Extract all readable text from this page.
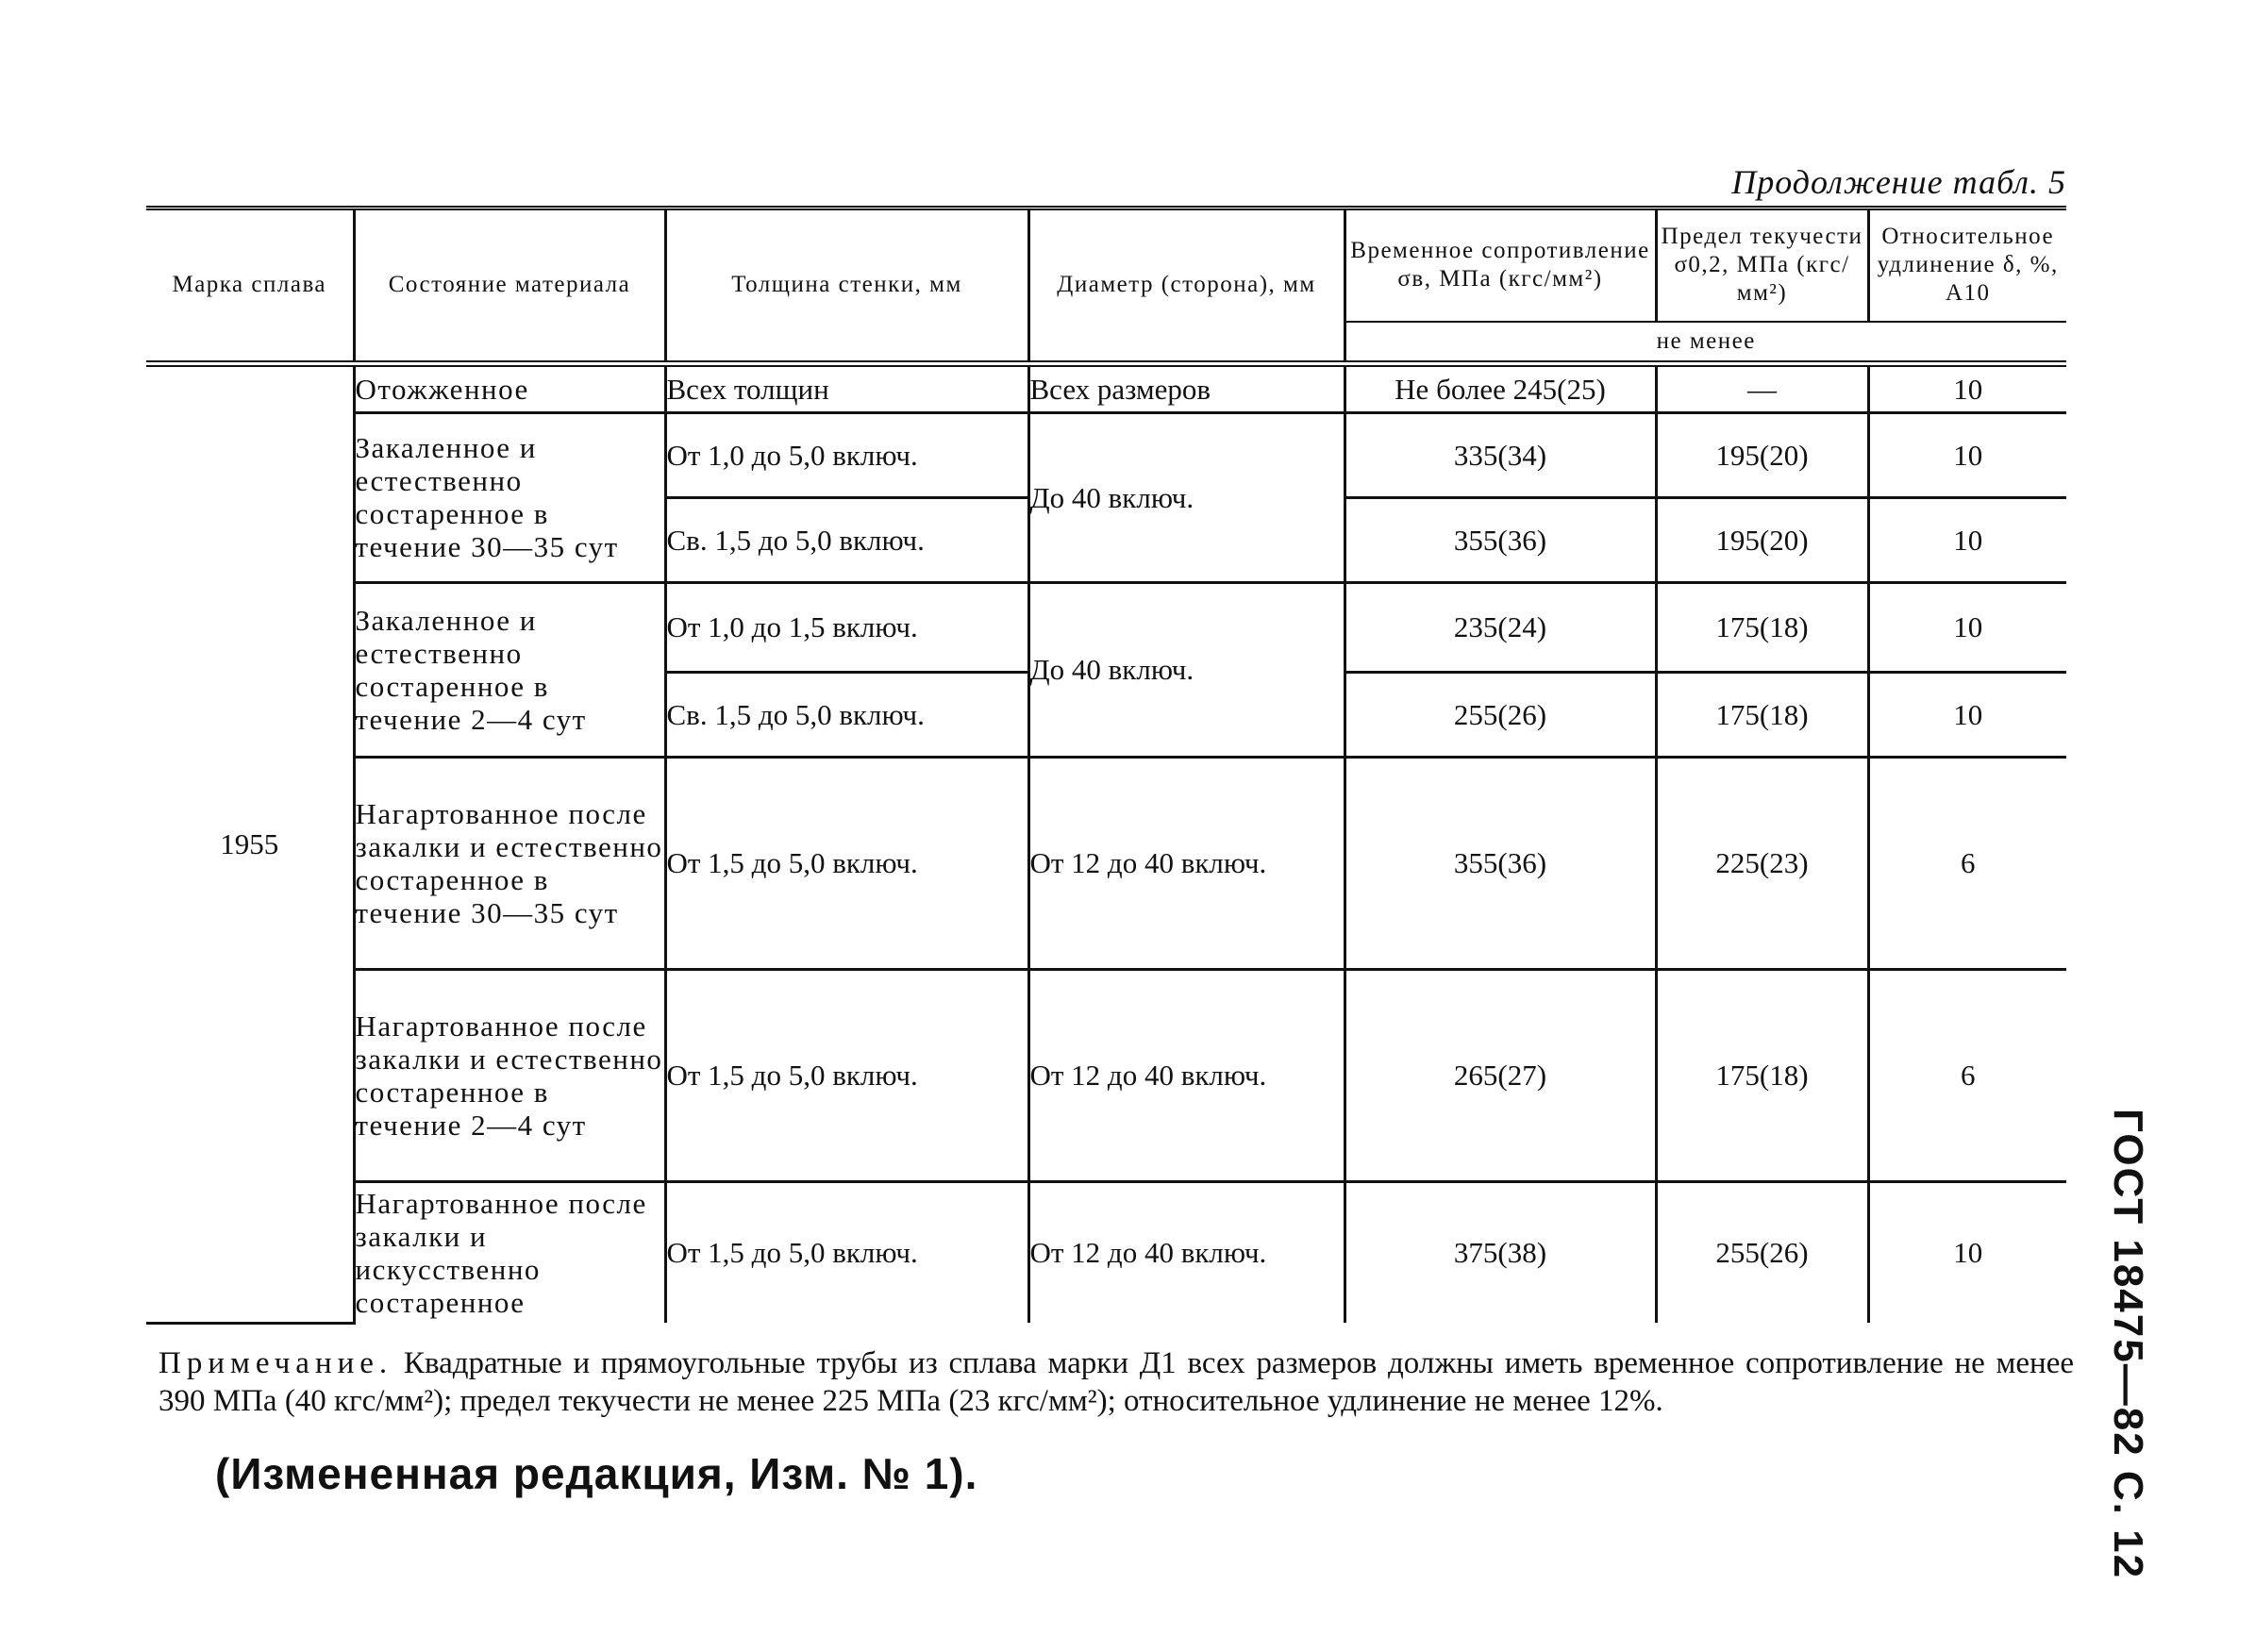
Продолжение табл. 5
Марка сплава	Состояние материала	Толщина стенки, мм	Диаметр (сторона), мм	Временное сопротивление σв, МПа (кгс/мм²)	Предел текучести σ0,2, МПа (кгс/мм²)	Относительное удлинение δ, %, A10
				не менее		
1955	Отожженное	Всех толщин	Всех размеров	Не более 245(25)	—	10
	Закаленное и естественно состаренное в течение 30—35 сут	От 1,0 до 5,0 включ.	До 40 включ.	335(34)	195(20)	10
		Св. 1,5 до 5,0 включ.		355(36)	195(20)	10
	Закаленное и естественно состаренное в течение 2—4 сут	От 1,0 до 1,5 включ.	До 40 включ.	235(24)	175(18)	10
		Св. 1,5 до 5,0 включ.		255(26)	175(18)	10
	Нагартованное после закалки и естественно состаренное в течение 30—35 сут	От 1,5 до 5,0 включ.	От 12 до 40 включ.	355(36)	225(23)	6
	Нагартованное после закалки и естественно состаренное в течение 2—4 сут	От 1,5 до 5,0 включ.	От 12 до 40 включ.	265(27)	175(18)	6
	Нагартованное после закалки и искусственно состаренное	От 1,5 до 5,0 включ.	От 12 до 40 включ.	375(38)	255(26)	10
Примечание. Квадратные и прямоугольные трубы из сплава марки Д1 всех размеров должны иметь временное сопротивление не менее 390 МПа (40 кгс/мм²); предел текучести не менее 225 МПа (23 кгс/мм²); относительное удлинение не менее 12%.
(Измененная редакция, Изм. № 1).	ГОСТ 18475—82 С. 12
